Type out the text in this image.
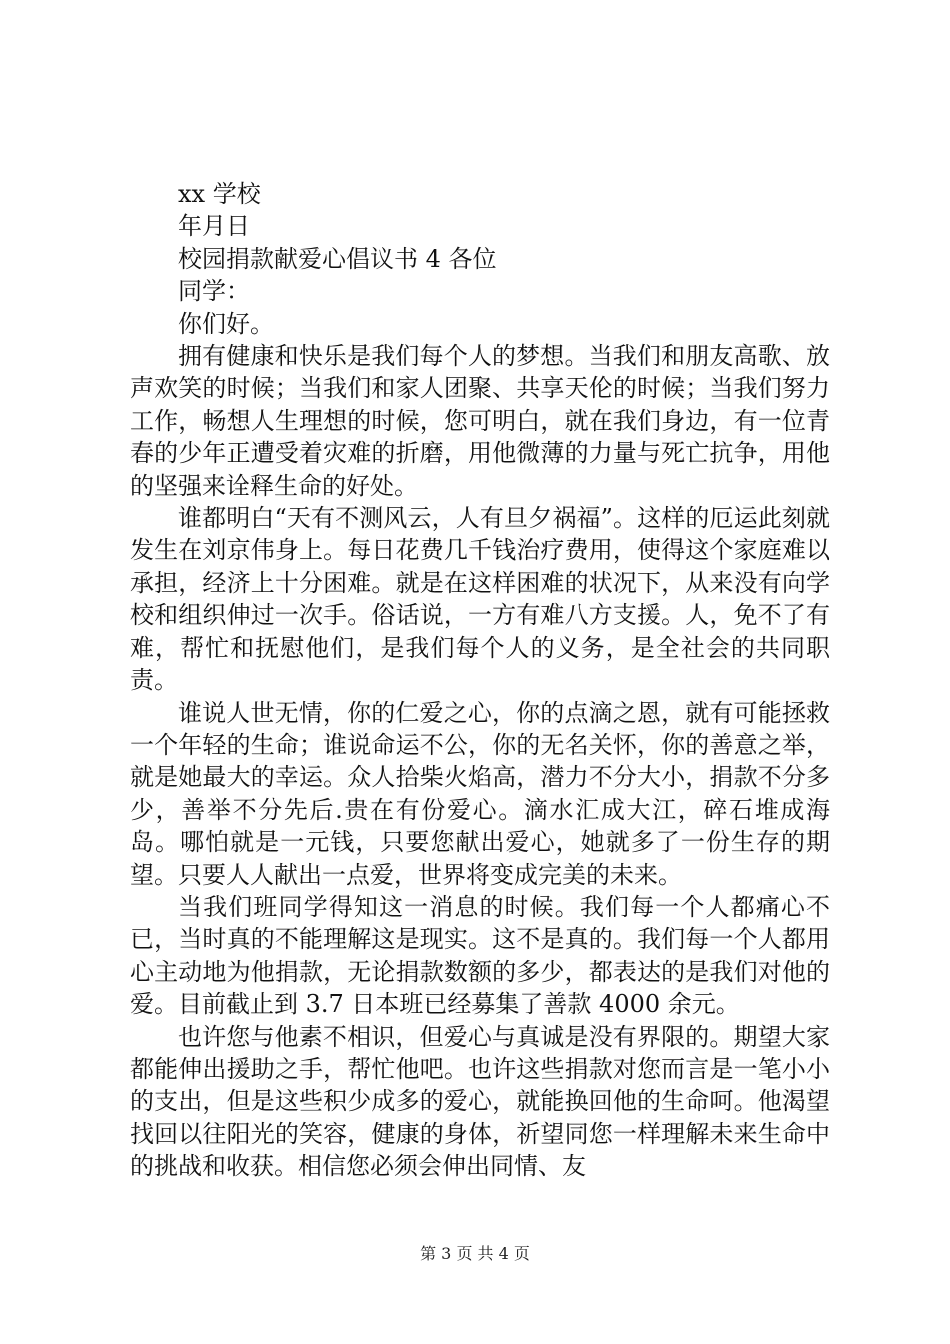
xx 学校

年月日

校园捐款献爱心倡议书 4 各位

同学：

你们好。

拥有健康和快乐是我们每个人的梦想。当我们和朋友高歌、放声欢笑的时候；当我们和家人团聚、共享天伦的时候；当我们努力工作，畅想人生理想的时候，您可明白，就在我们身边，有一位青春的少年正遭受着灾难的折磨，用他微薄的力量与死亡抗争，用他的坚强来诠释生命的好处。

谁都明白“天有不测风云，人有旦夕祸福”。这样的厄运此刻就发生在刘京伟身上。每日花费几千钱治疗费用，使得这个家庭难以承担，经济上十分困难。就是在这样困难的状况下，从来没有向学校和组织伸过一次手。俗话说，一方有难八方支援。人，免不了有难，帮忙和抚慰他们，是我们每个人的义务，是全社会的共同职责。

谁说人世无情，你的仁爱之心，你的点滴之恩，就有可能拯救一个年轻的生命；谁说命运不公，你的无名关怀，你的善意之举，就是她最大的幸运。众人拾柴火焰高，潜力不分大小，捐款不分多少，善举不分先后.贵在有份爱心。滴水汇成大江，碎石堆成海岛。哪怕就是一元钱，只要您献出爱心，她就多了一份生存的期望。只要人人献出一点爱，世界将变成完美的未来。

当我们班同学得知这一消息的时候。我们每一个人都痛心不已，当时真的不能理解这是现实。这不是真的。我们每一个人都用心主动地为他捐款，无论捐款数额的多少，都表达的是我们对他的爱。目前截止到 3.7 日本班已经募集了善款 4000 余元。

也许您与他素不相识，但爱心与真诚是没有界限的。期望大家都能伸出援助之手，帮忙他吧。也许这些捐款对您而言是一笔小小的支出，但是这些积少成多的爱心，就能换回他的生命呵。他渴望找回以往阳光的笑容，健康的身体，祈望同您一样理解未来生命中的挑战和收获。相信您必须会伸出同情、友

第 3 页 共 4 页
